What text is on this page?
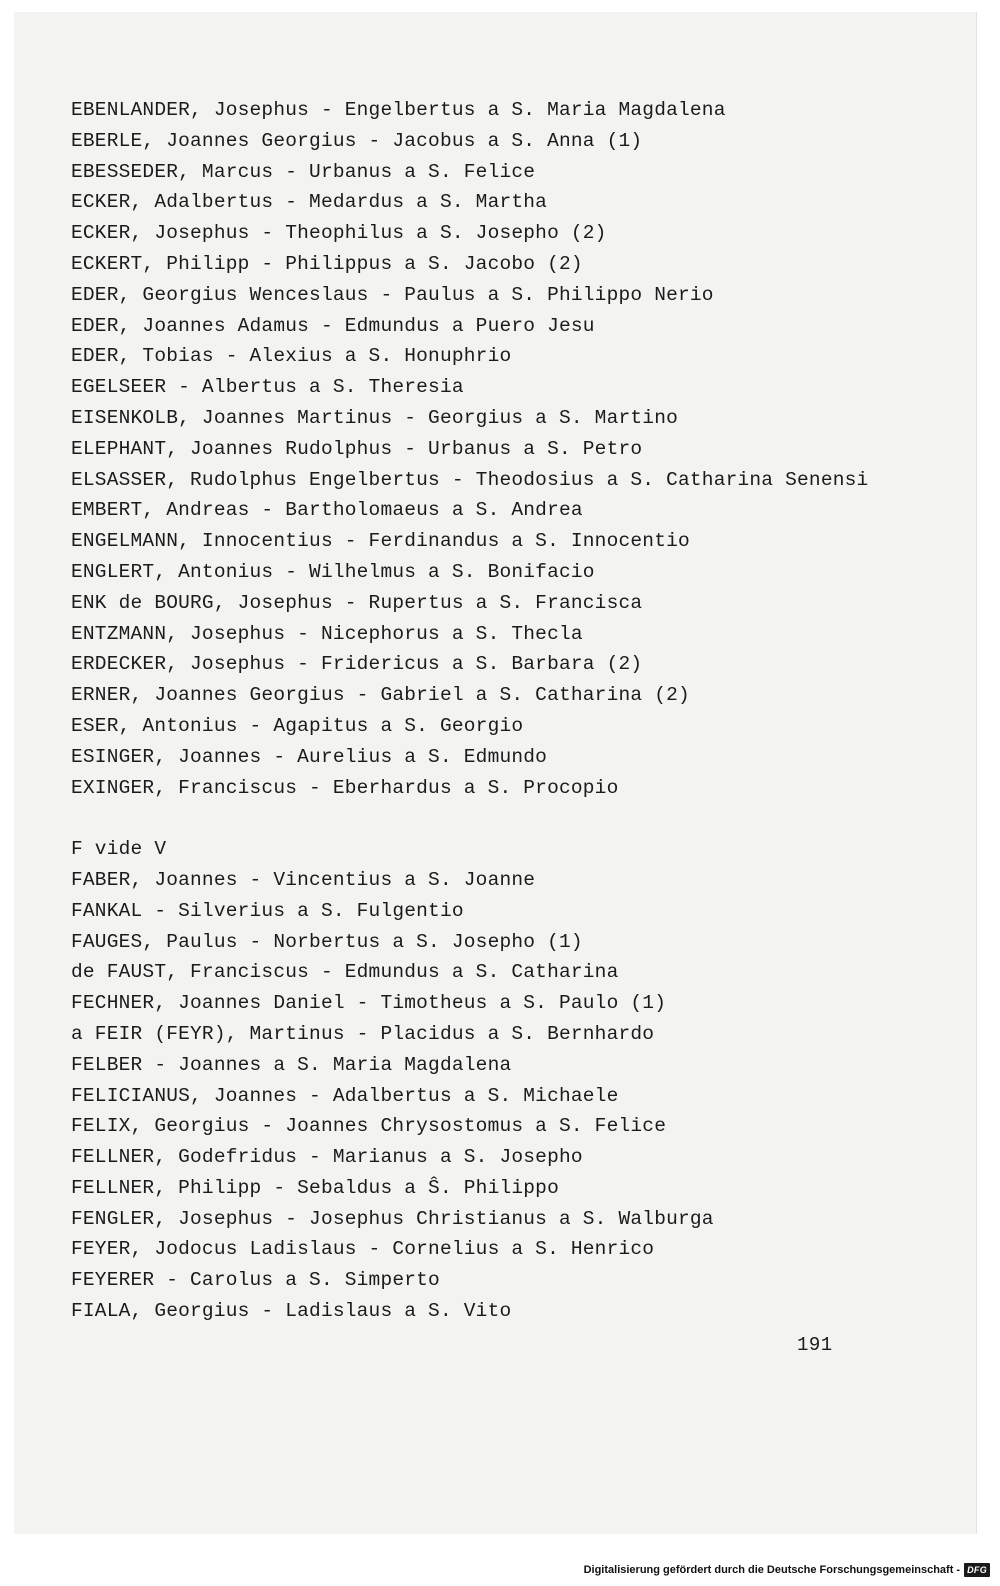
EBENLANDER, Josephus - Engelbertus a S. Maria Magdalena
EBERLE, Joannes Georgius - Jacobus a S. Anna (1)
EBESSEDER, Marcus - Urbanus a S. Felice
ECKER, Adalbertus - Medardus a S. Martha
ECKER, Josephus - Theophilus a S. Josepho (2)
ECKERT, Philipp - Philippus a S. Jacobo (2)
EDER, Georgius Wenceslaus - Paulus a S. Philippo Nerio
EDER, Joannes Adamus - Edmundus a Puero Jesu
EDER, Tobias - Alexius a S. Honuphrio
EGELSEER - Albertus a S. Theresia
EISENKOLB, Joannes Martinus - Georgius a S. Martino
ELEPHANT, Joannes Rudolphus - Urbanus a S. Petro
ELSASSER, Rudolphus Engelbertus - Theodosius a S. Catharina Senensi
EMBERT, Andreas - Bartholomaeus a S. Andrea
ENGELMANN, Innocentius - Ferdinandus a S. Innocentio
ENGLERT, Antonius - Wilhelmus a S. Bonifacio
ENK de BOURG, Josephus - Rupertus a S. Francisca
ENTZMANN, Josephus - Nicephorus a S. Thecla
ERDECKER, Josephus - Fridericus a S. Barbara (2)
ERNER, Joannes Georgius - Gabriel a S. Catharina (2)
ESER, Antonius - Agapitus a S. Georgio
ESINGER, Joannes - Aurelius a S. Edmundo
EXINGER, Franciscus - Eberhardus a S. Procopio
F vide V
FABER, Joannes - Vincentius a S. Joanne
FANKAL - Silverius a S. Fulgentio
FAUGES, Paulus - Norbertus a S. Josepho (1)
de FAUST, Franciscus - Edmundus a S. Catharina
FECHNER, Joannes Daniel - Timotheus a S. Paulo (1)
a FEIR (FEYR), Martinus - Placidus a S. Bernhardo
FELBER - Joannes a S. Maria Magdalena
FELICIANUS, Joannes - Adalbertus a S. Michaele
FELIX, Georgius - Joannes Chrysostomus a S. Felice
FELLNER, Godefridus - Marianus a S. Josepho
FELLNER, Philipp - Sebaldus a Ŝ. Philippo
FENGLER, Josephus - Josephus Christianus a S. Walburga
FEYER, Jodocus Ladislaus - Cornelius a S. Henrico
FEYERER - Carolus a S. Simperto
FIALA, Georgius - Ladislaus a S. Vito
191
Digitalisierung gefördert durch die Deutsche Forschungsgemeinschaft - DFG
